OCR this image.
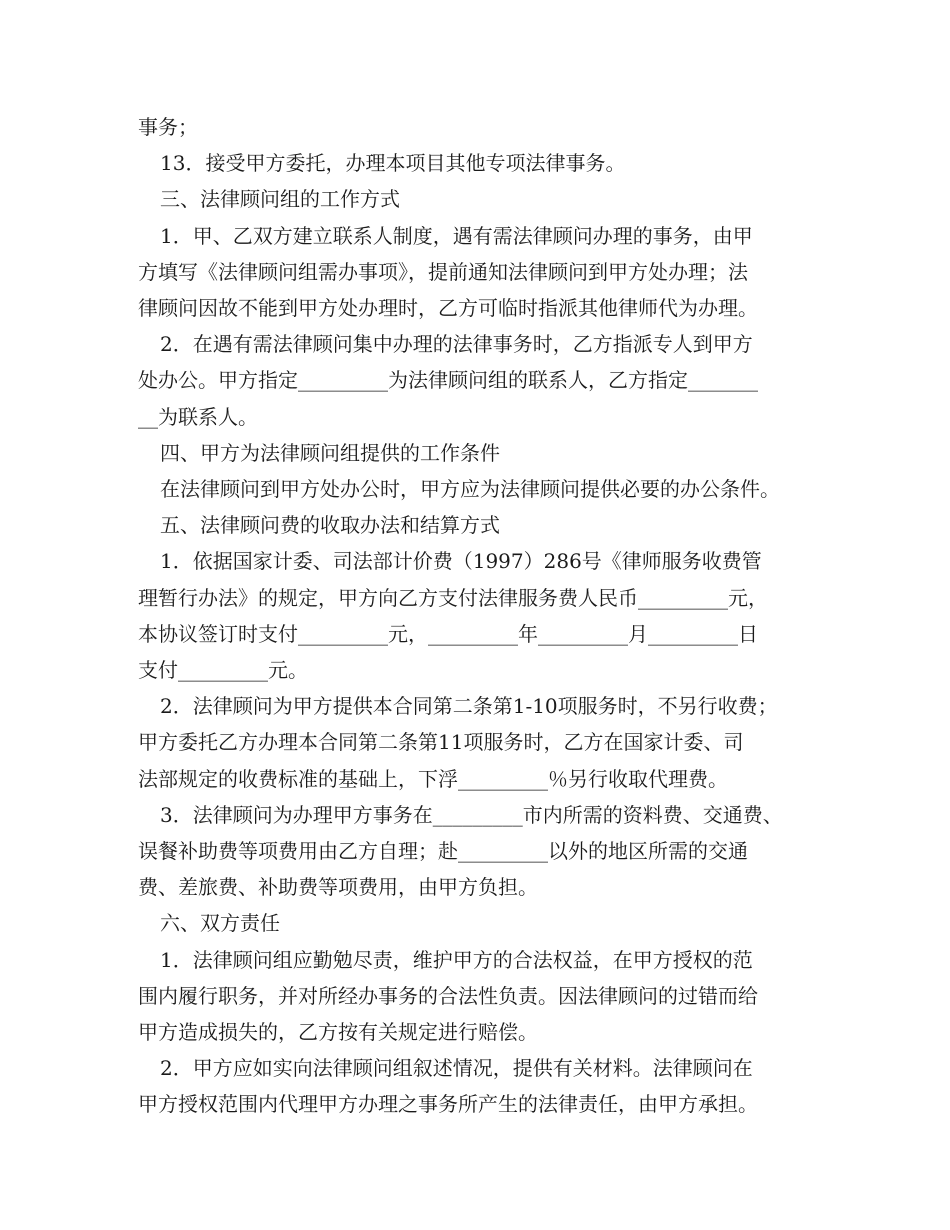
事务；
13．接受甲方委托，办理本项目其他专项法律事务。
三、法律顾问组的工作方式
1．甲、乙双方建立联系人制度，遇有需法律顾问办理的事务，由甲
方填写《法律顾问组需办事项》，提前通知法律顾问到甲方处办理；法
律顾问因故不能到甲方处办理时，乙方可临时指派其他律师代为办理。
2．在遇有需法律顾问集中办理的法律事务时，乙方指派专人到甲方
处办公。甲方指定_________为法律顾问组的联系人，乙方指定_______
__为联系人。
四、甲方为法律顾问组提供的工作条件
在法律顾问到甲方处办公时，甲方应为法律顾问提供必要的办公条件。
五、法律顾问费的收取办法和结算方式
1．依据国家计委、司法部计价费（1997）286号《律师服务收费管
理暂行办法》的规定，甲方向乙方支付法律服务费人民币_________元，
本协议签订时支付_________元，_________年_________月_________日
支付_________元。
2．法律顾问为甲方提供本合同第二条第1-10项服务时，不另行收费；
甲方委托乙方办理本合同第二条第11项服务时，乙方在国家计委、司
法部规定的收费标准的基础上，下浮_________％另行收取代理费。
3．法律顾问为办理甲方事务在_________市内所需的资料费、交通费、
误餐补助费等项费用由乙方自理；赴_________以外的地区所需的交通
费、差旅费、补助费等项费用，由甲方负担。
六、双方责任
1．法律顾问组应勤勉尽责，维护甲方的合法权益，在甲方授权的范
围内履行职务，并对所经办事务的合法性负责。因法律顾问的过错而给
甲方造成损失的，乙方按有关规定进行赔偿。
2．甲方应如实向法律顾问组叙述情况，提供有关材料。法律顾问在
甲方授权范围内代理甲方办理之事务所产生的法律责任，由甲方承担。
